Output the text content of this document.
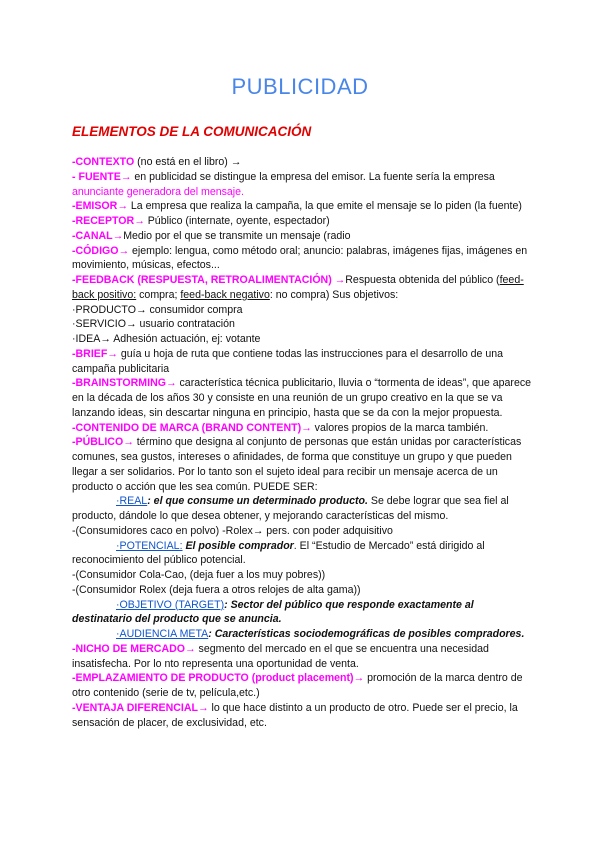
PUBLICIDAD
ELEMENTOS DE LA COMUNICACIÓN

-CONTEXTO (no está en el libro) →

- FUENTE→ en publicidad se distingue la empresa del emisor. La fuente sería la empresa anunciante generadora del mensaje.

-EMISOR→ La empresa que realiza la campaña, la que emite el mensaje se lo piden (la fuente)

-RECEPTOR→ Público (internate, oyente, espectador)

-CANAL→Medio por el que se transmite un mensaje (radio

-CÓDIGO→ ejemplo: lengua, como método oral; anuncio: palabras, imágenes fijas, imágenes en movimiento, músicas, efectos...

-FEEDBACK (RESPUESTA, RETROALIMENTACIÓN) →Respuesta obtenida del público (feed-back positivo: compra; feed-back negativo: no compra) Sus objetivos:

·PRODUCTO→ consumidor compra

·SERVICIO→ usuario contratación

·IDEA→ Adhesión actuación, ej: votante

-BRIEF→ guía u hoja de ruta que contiene todas las instrucciones para el desarrollo de una campaña publicitaria

-BRAINSTORMING→ característica técnica publicitario, lluvia o “tormenta de ideas”, que aparece en la década de los años 30 y consiste en una reunión de un grupo creativo en la que se va lanzando ideas, sin descartar ninguna en principio, hasta que se da con la mejor propuesta.

-CONTENIDO DE MARCA (BRAND CONTENT)→ valores propios de la marca también.

-PÚBLICO→ término que designa al conjunto de personas que están unidas por características comunes, sea gustos, intereses o afinidades, de forma que constituye un grupo y que pueden llegar a ser solidarios. Por lo tanto son el sujeto ideal para recibir un mensaje acerca de un producto o acción que les sea común. PUEDE SER:

·REAL: el que consume un determinado producto. Se debe lograr que sea fiel al producto, dándole lo que desea obtener, y mejorando características del mismo.

-(Consumidores caco en polvo) -Rolex→ pers. con poder adquisitivo

·POTENCIAL: El posible comprador. El “Estudio de Mercado” está dirigido al reconocimiento del público potencial.

-(Consumidor Cola-Cao, (deja fuer a los muy pobres))

-(Consumidor Rolex (deja fuera a otros relojes de alta gama))

·OBJETIVO (TARGET): Sector del público que responde exactamente al destinatario del producto que se anuncia.

·AUDIENCIA META: Características sociodemográficas de posibles compradores.

-NICHO DE MERCADO→ segmento del mercado en el que se encuentra una necesidad insatisfecha. Por lo nto representa una oportunidad de venta.

-EMPLAZAMIENTO DE PRODUCTO (product placement)→ promoción de la marca dentro de otro contenido (serie de tv, película,etc.)

-VENTAJA DIFERENCIAL→ lo que hace distinto a un producto de otro. Puede ser el precio, la sensación de placer, de exclusividad, etc.
